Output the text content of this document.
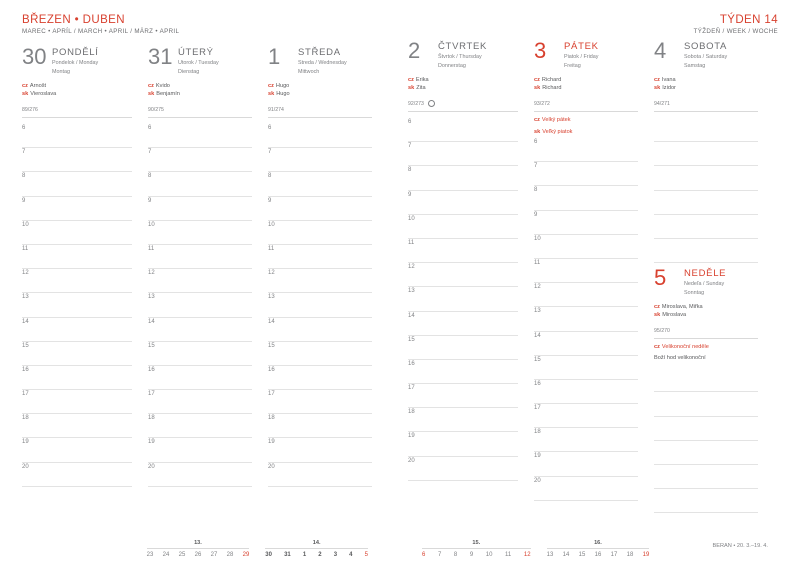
BŘEZEN • DUBEN
MAREC • APRÍL / MARCH • APRIL / MÄRZ • APRIL
30 PONDĚLÍ
Pondelok / Monday
Montag
cz Arnošt
sk Vieroslava
89/276
6
7
8
9
10
11
12
13
14
15
16
17
18
19
20
31 ÚTERÝ
Utorok / Tuesday
Dienstag
cz Kvido
sk Benjamín
90/275
6
7
8
9
10
11
12
13
14
15
16
17
18
19
20
1	STŘEDA
Streda / Wednesday
Mittwoch
cz Hugo
sk Hugo
91/274
6
7
8
9
10
11
12
13
14
15
16
17
18
19
20
13.
23 24 25 26 27 28 29
14.
30 31 1 2 3 4 5
TÝDEN 14
TÝŽDEŇ / WEEK / WOCHE
2	ČTVRTEK
Štvrtok / Thursday
Donnerstag
cz Erika
sk Zita
92/273
6
7
8
9
10
11
12
13
14
15
16
17
18
19
20
3	PÁTEK
Piatok / Friday
Freitag
cz Richard
sk Richard
93/272
cz Velký pátek
sk Veľký piatok
6
7
8
9
10
11
12
13
14
15
16
17
18
19
20
4	SOBOTA
Sobota / Saturday
Samstag
cz Ivana
sk Izidor
94/271
5	NEDĚLE
Nedeľa / Sunday
Sonntag
cz Miroslava, Miřka
sk Miroslava
95/270
cz Velikonoční neděle
Boží hod velikonoční
15.
6 7 8 9 10 11 12
16.
13 14 15 16 17 18 19
BERAN • 20. 3.–19. 4.
